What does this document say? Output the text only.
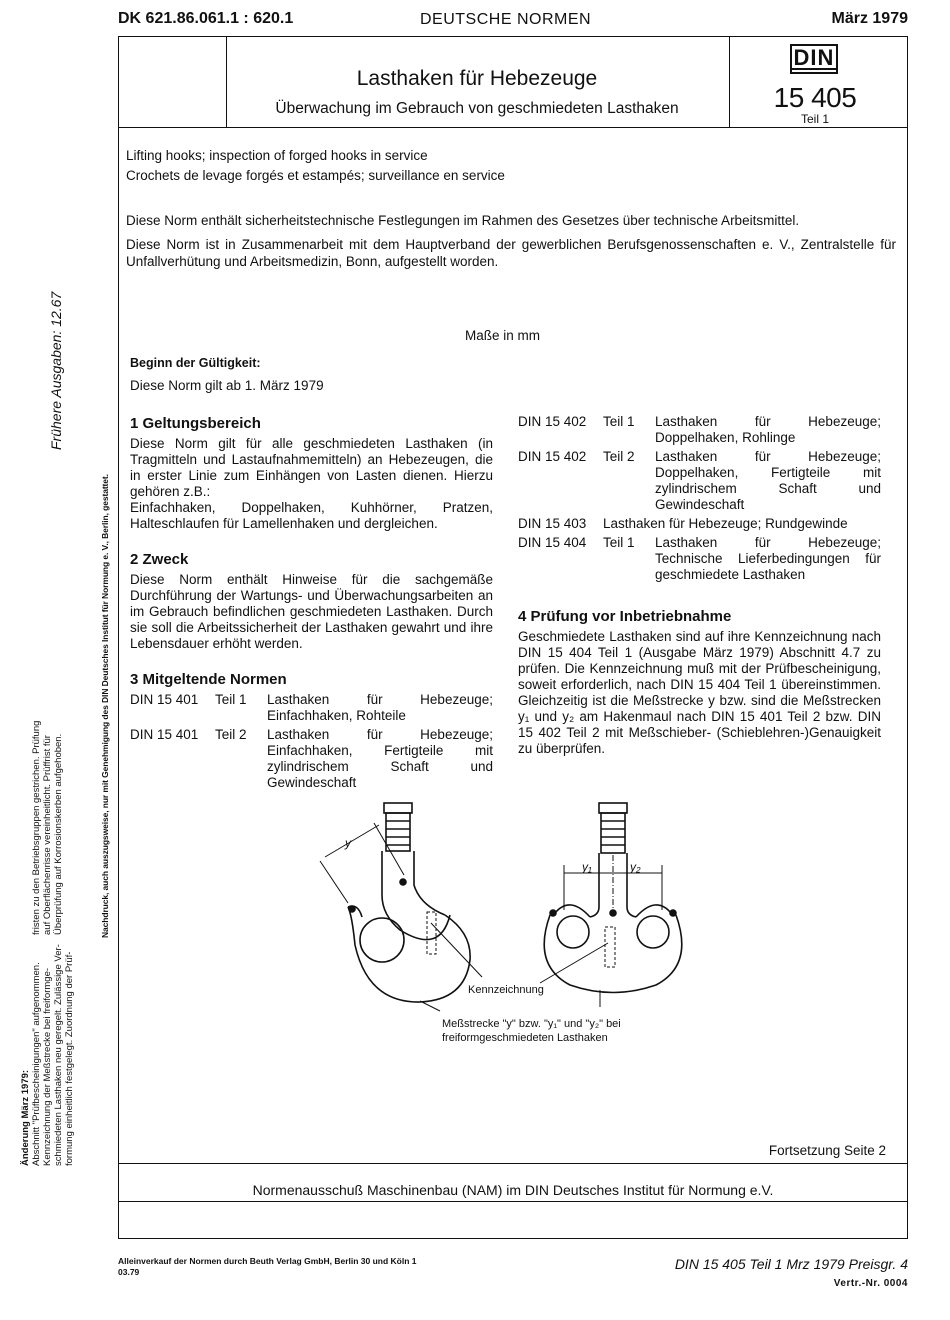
DK 621.86.061.1 : 620.1	DEUTSCHE NORMEN	März 1979
Lasthaken für Hebezeuge
Überwachung im Gebrauch von geschmiedeten Lasthaken
DIN
15 405
Teil 1
Lifting hooks; inspection of forged hooks in service
Crochets de levage forgés et estampés; surveillance en service
Diese Norm enthält sicherheitstechnische Festlegungen im Rahmen des Gesetzes über technische Arbeitsmittel.
Diese Norm ist in Zusammenarbeit mit dem Hauptverband der gewerblichen Berufsgenossenschaften e. V., Zentralstelle für Unfallverhütung und Arbeitsmedizin, Bonn, aufgestellt worden.
Maße in mm
Beginn der Gültigkeit:
Diese Norm gilt ab 1. März 1979
1 Geltungsbereich

Diese Norm gilt für alle geschmiedeten Lasthaken (in Tragmitteln und Lastaufnahmemitteln) an Hebezeugen, die in erster Linie zum Einhängen von Lasten dienen. Hierzu gehören z.B.:

Einfachhaken, Doppelhaken, Kuhhörner, Pratzen, Halteschlaufen für Lamellenhaken und dergleichen.

2 Zweck

Diese Norm enthält Hinweise für die sachgemäße Durchführung der Wartungs- und Überwachungsarbeiten an im Gebrauch befindlichen geschmiedeten Lasthaken. Durch sie soll die Arbeitssicherheit der Lasthaken gewahrt und ihre Lebensdauer erhöht werden.

3 Mitgeltende Normen
DIN 15 401	Teil 1	Lasthaken für Hebezeuge; Einfachhaken, Rohteile
DIN 15 401	Teil 2	Lasthaken für Hebezeuge; Einfachhaken, Fertigteile mit zylindrischem Schaft und Gewindeschaft
DIN 15 402	Teil 1	Lasthaken für Hebezeuge; Doppelhaken, Rohlinge
DIN 15 402	Teil 2	Lasthaken für Hebezeuge; Doppelhaken, Fertigteile mit zylindrischem Schaft und Gewindeschaft
DIN 15 403	Lasthaken für Hebezeuge; Rundgewinde
DIN 15 404	Teil 1	Lasthaken für Hebezeuge; Technische Lieferbedingungen für geschmiedete Lasthaken
4 Prüfung vor Inbetriebnahme

Geschmiedete Lasthaken sind auf ihre Kennzeichnung nach DIN 15 404 Teil 1 (Ausgabe März 1979) Abschnitt 4.7 zu prüfen. Die Kennzeichnung muß mit der Prüfbescheinigung, soweit erforderlich, nach DIN 15 404 Teil 1 übereinstimmen. Gleichzeitig ist die Meßstrecke y bzw. sind die Meßstrecken y₁ und y₂ am Hakenmaul nach DIN 15 401 Teil 2 bzw. DIN 15 402 Teil 2 mit Meßschieber- (Schieblehren-)Genauigkeit zu überprüfen.

y
y₁	y₂
Kennzeichnung
Meßstrecke "y" bzw. "y₁" und "y₂" bei
freiformgeschmiedeten Lasthaken
Fortsetzung Seite 2
Normenausschuß Maschinenbau (NAM) im DIN Deutsches Institut für Normung e.V.
Alleinverkauf der Normen durch Beuth Verlag GmbH, Berlin 30 und Köln 1
03.79	DIN 15 405 Teil 1 Mrz 1979 Preisgr. 4
Vertr.-Nr. 0004
Frühere Ausgaben: 12.67
Nachdruck, auch auszugsweise, nur mit Genehmigung des DIN Deutsches Institut für Normung e. V., Berlin, gestattet.
Änderung März 1979: Abschnitt "Prüfbescheinigungen" aufgenommen. Kennzeichnung der Meßstrecke bei freiformge- schmiedeten Lasthaken neu geregelt. Zulässige Ver- formung einheitlich festgelegt. Zuordnung der Prüf-
fristen zu den Betriebsgruppen gestrichen. Prüfung auf Oberflächenrisse vereinheitlicht. Prüffrist für Überprüfung auf Korrosionskerben aufgehoben.
